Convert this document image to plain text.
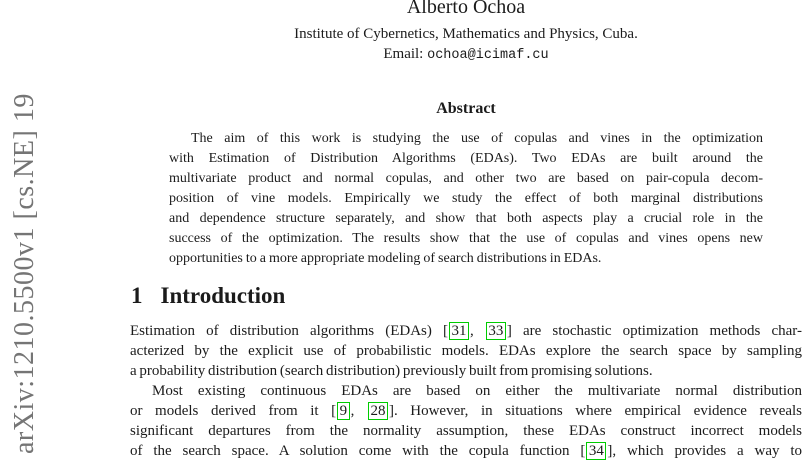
arXiv:1210.5500v1 [cs.NE] 19
Alberto Ochoa
Institute of Cybernetics, Mathematics and Physics, Cuba.
Email: ochoa@icimaf.cu
Abstract
The aim of this work is studying the use of copulas and vines in the optimization
with Estimation of Distribution Algorithms (EDAs). Two EDAs are built around the
multivariate product and normal copulas, and other two are based on pair-copula decom-
position of vine models. Empirically we study the effect of both marginal distributions
and dependence structure separately, and show that both aspects play a crucial role in the
success of the optimization. The results show that the use of copulas and vines opens new
opportunities to a more appropriate modeling of search distributions in EDAs.
1 Introduction
Estimation of distribution algorithms (EDAs) [ 31 , 33 ] are stochastic optimization methods char-
acterized by the explicit use of probabilistic models. EDAs explore the search space by sampling
a probability distribution (search distribution) previously built from promising solutions.
Most existing continuous EDAs are based on either the multivariate normal distribution
or models derived from it [ 9 , 28 ]. However, in situations where empirical evidence reveals
significant departures from the normality assumption, these EDAs construct incorrect models
of the search space. A solution come with the copula function [ 34 ], which provides a way to
